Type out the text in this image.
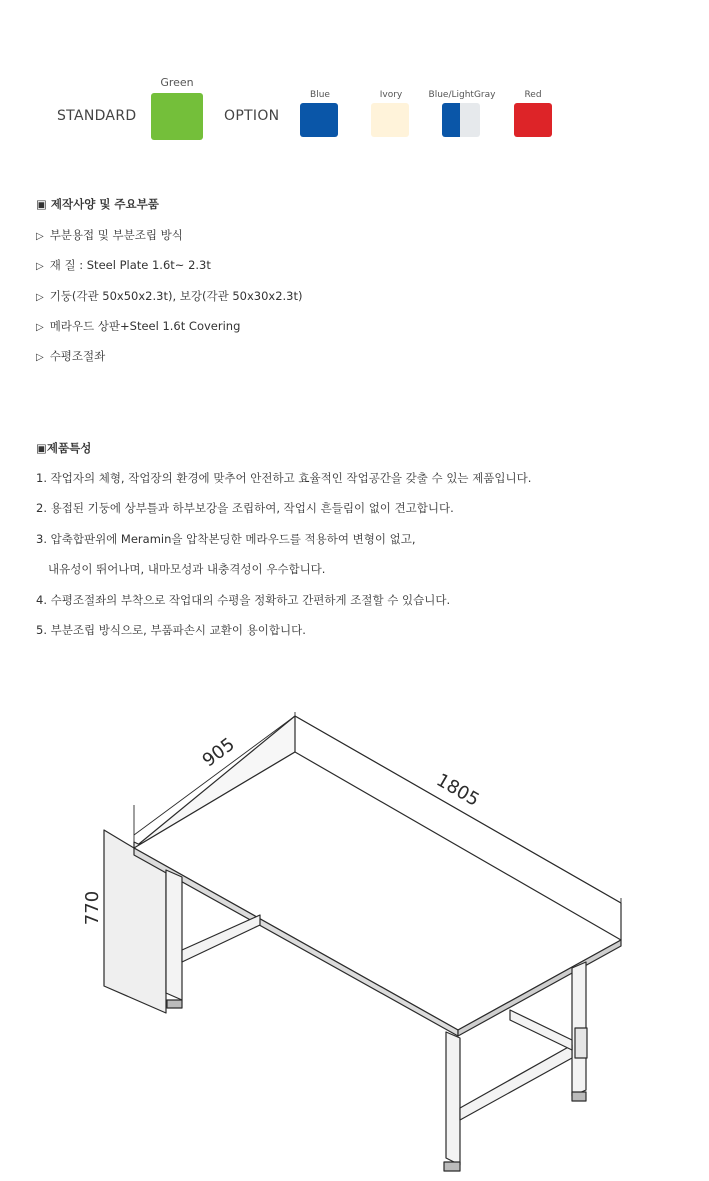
STANDARD
Green
OPTION
Blue	Ivory	Blue/LightGray	Red
▣ 제작사양 및 주요부품
▷ 부분용접 및 부분조립 방식
▷ 재 질 : Steel Plate 1.6t~ 2.3t
▷ 기둥(각관 50x50x2.3t), 보강(각관 50x30x2.3t)
▷ 메라우드 상판+Steel 1.6t Covering
▷ 수평조절좌
▣제품특성
1. 작업자의 체형, 작업장의 환경에 맞추어 안전하고 효율적인 작업공간을 갖출 수 있는 제품입니다.
2. 용접된 기둥에 상부틀과 하부보강을 조립하여, 작업시 흔들림이 없이 견고합니다.
3. 압축합판위에 Meramin을 압착본딩한 메라우드를 적용하여 변형이 없고,
내유성이 뛰어나며, 내마모성과 내충격성이 우수합니다.
4. 수평조절좌의 부착으로 작업대의 수평을 정확하고 간편하게 조절할 수 있습니다.
5. 부분조립 방식으로, 부품파손시 교환이 용이합니다.
905
1805
770
